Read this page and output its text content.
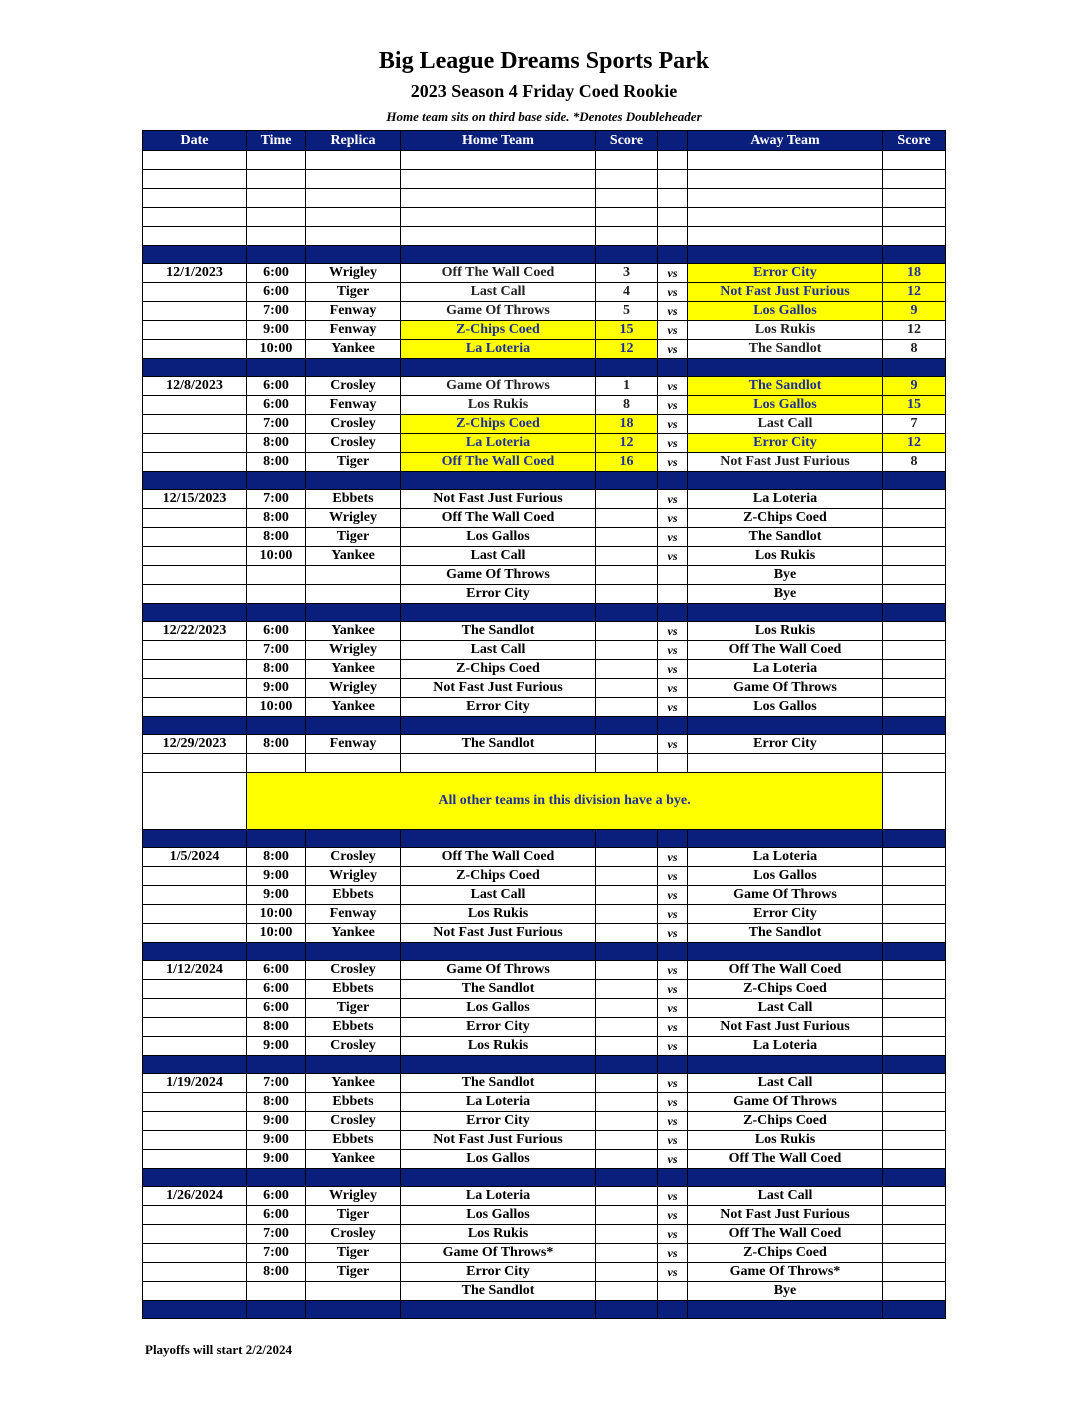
Big League Dreams Sports Park
2023 Season 4 Friday Coed Rookie
Home team sits on third base side. *Denotes Doubleheader
Date	Time	Replica	Home Team	Score		Away Team	Score

12/1/2023	6:00	Wrigley	Off The Wall Coed	3	vs	Error City	18
	6:00	Tiger	Last Call	4	vs	Not Fast Just Furious	12
	7:00	Fenway	Game Of Throws	5	vs	Los Gallos	9
	9:00	Fenway	Z-Chips Coed	15	vs	Los Rukis	12
	10:00	Yankee	La Loteria	12	vs	The Sandlot	8

12/8/2023	6:00	Crosley	Game Of Throws	1	vs	The Sandlot	9
	6:00	Fenway	Los Rukis	8	vs	Los Gallos	15
	7:00	Crosley	Z-Chips Coed	18	vs	Last Call	7
	8:00	Crosley	La Loteria	12	vs	Error City	12
	8:00	Tiger	Off The Wall Coed	16	vs	Not Fast Just Furious	8

12/15/2023	7:00	Ebbets	Not Fast Just Furious		vs	La Loteria	
	8:00	Wrigley	Off The Wall Coed		vs	Z-Chips Coed	
	8:00	Tiger	Los Gallos		vs	The Sandlot	
	10:00	Yankee	Last Call		vs	Los Rukis	
			Game Of Throws			Bye	
			Error City			Bye	

12/22/2023	6:00	Yankee	The Sandlot		vs	Los Rukis	
	7:00	Wrigley	Last Call		vs	Off The Wall Coed	
	8:00	Yankee	Z-Chips Coed		vs	La Loteria	
	9:00	Wrigley	Not Fast Just Furious		vs	Game Of Throws	
	10:00	Yankee	Error City		vs	Los Gallos	

12/29/2023	8:00	Fenway	The Sandlot		vs	Error City	

	All other teams in this division have a bye.						

1/5/2024	8:00	Crosley	Off The Wall Coed		vs	La Loteria	
	9:00	Wrigley	Z-Chips Coed		vs	Los Gallos	
	9:00	Ebbets	Last Call		vs	Game Of Throws	
	10:00	Fenway	Los Rukis		vs	Error City	
	10:00	Yankee	Not Fast Just Furious		vs	The Sandlot	

1/12/2024	6:00	Crosley	Game Of Throws		vs	Off The Wall Coed	
	6:00	Ebbets	The Sandlot		vs	Z-Chips Coed	
	6:00	Tiger	Los Gallos		vs	Last Call	
	8:00	Ebbets	Error City		vs	Not Fast Just Furious	
	9:00	Crosley	Los Rukis		vs	La Loteria	

1/19/2024	7:00	Yankee	The Sandlot		vs	Last Call	
	8:00	Ebbets	La Loteria		vs	Game Of Throws	
	9:00	Crosley	Error City		vs	Z-Chips Coed	
	9:00	Ebbets	Not Fast Just Furious		vs	Los Rukis	
	9:00	Yankee	Los Gallos		vs	Off The Wall Coed	

1/26/2024	6:00	Wrigley	La Loteria		vs	Last Call	
	6:00	Tiger	Los Gallos		vs	Not Fast Just Furious	
	7:00	Crosley	Los Rukis		vs	Off The Wall Coed	
	7:00	Tiger	Game Of Throws*		vs	Z-Chips Coed	
	8:00	Tiger	Error City		vs	Game Of Throws*	
			The Sandlot			Bye	

Playoffs will start 2/2/2024
